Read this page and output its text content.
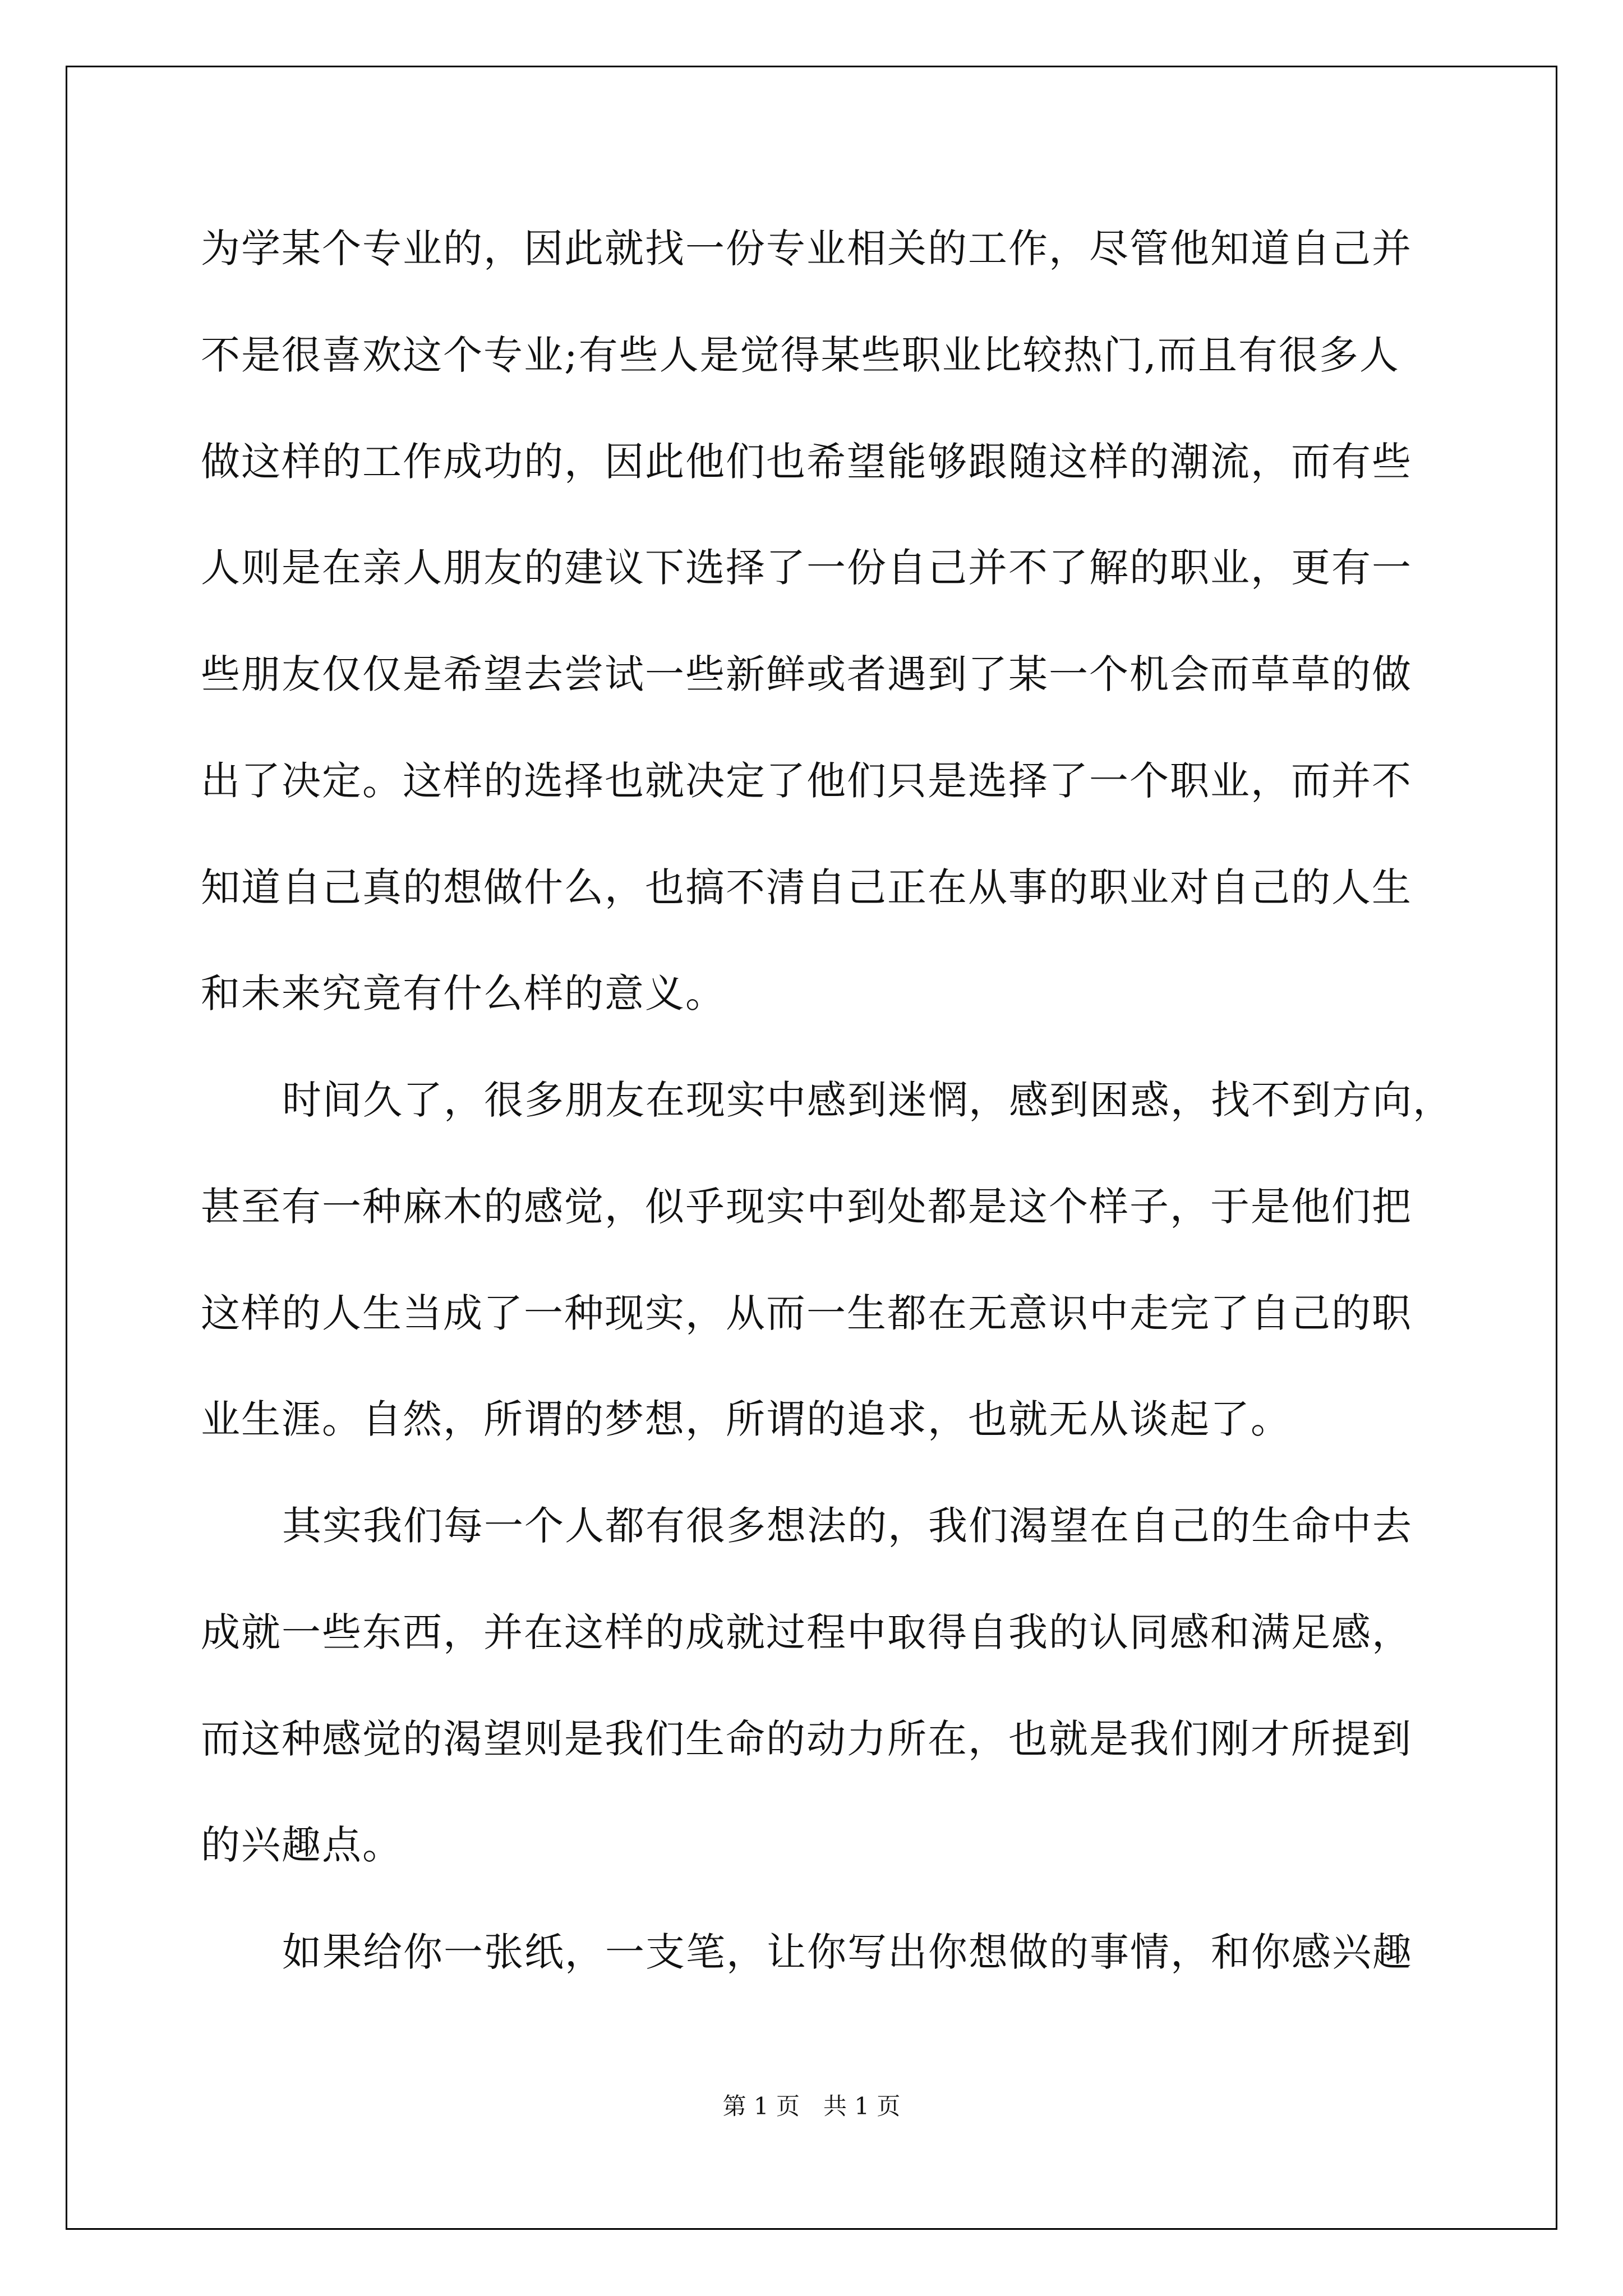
为学某个专业的，因此就找一份专业相关的工作，尽管他知道自己并
不是很喜欢这个专业;有些人是觉得某些职业比较热门,而且有很多人
做这样的工作成功的，因此他们也希望能够跟随这样的潮流，而有些
人则是在亲人朋友的建议下选择了一份自己并不了解的职业，更有一
些朋友仅仅是希望去尝试一些新鲜或者遇到了某一个机会而草草的做
出了决定。这样的选择也就决定了他们只是选择了一个职业，而并不
知道自己真的想做什么，也搞不清自己正在从事的职业对自己的人生
和未来究竟有什么样的意义。
时间久了，很多朋友在现实中感到迷惘，感到困惑，找不到方向，
甚至有一种麻木的感觉，似乎现实中到处都是这个样子，于是他们把
这样的人生当成了一种现实，从而一生都在无意识中走完了自己的职
业生涯。自然，所谓的梦想，所谓的追求，也就无从谈起了。
其实我们每一个人都有很多想法的，我们渴望在自己的生命中去
成就一些东西，并在这样的成就过程中取得自我的认同感和满足感，
而这种感觉的渴望则是我们生命的动力所在，也就是我们刚才所提到
的兴趣点。
如果给你一张纸，一支笔，让你写出你想做的事情，和你感兴趣
第 1 页　共 1 页
